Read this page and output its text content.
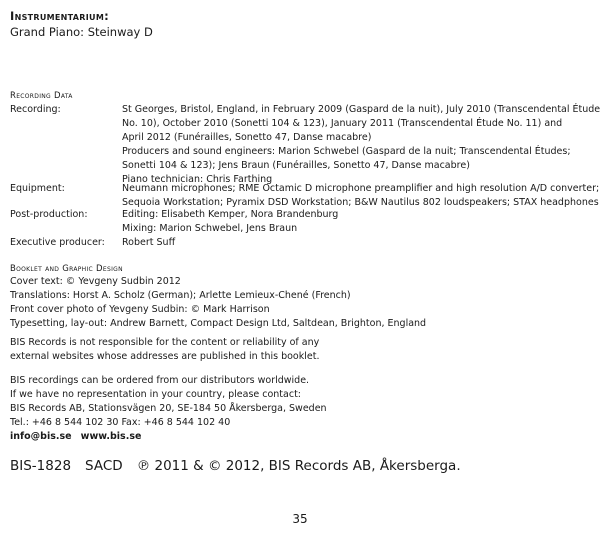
Instrumentarium:
Grand Piano: Steinway D
Recording Data
Recording:	St Georges, Bristol, England, in February 2009 (Gaspard de la nuit), July 2010 (Transcendental Étude
No. 10), October 2010 (Sonetti 104 & 123), January 2011 (Transcendental Étude No. 11) and
April 2012 (Funérailles, Sonetto 47, Danse macabre)
Producers and sound engineers: Marion Schwebel (Gaspard de la nuit; Transcendental Études;
Sonetti 104 & 123); Jens Braun (Funérailles, Sonetto 47, Danse macabre)
Piano technician: Chris Farthing
Equipment:	Neumann microphones; RME Octamic D microphone preamplifier and high resolution A/D converter;
Sequoia Workstation; Pyramix DSD Workstation; B&W Nautilus 802 loudspeakers; STAX headphones
Post-production:	Editing: Elisabeth Kemper, Nora Brandenburg
Mixing: Marion Schwebel, Jens Braun
Executive producer:	Robert Suff
Booklet and Graphic Design
Cover text: © Yevgeny Sudbin 2012
Translations: Horst A. Scholz (German); Arlette Lemieux-Chené (French)
Front cover photo of Yevgeny Sudbin: © Mark Harrison
Typesetting, lay-out: Andrew Barnett, Compact Design Ltd, Saltdean, Brighton, England
BIS Records is not responsible for the content or reliability of any
external websites whose addresses are published in this booklet.
BIS recordings can be ordered from our distributors worldwide.
If we have no representation in your country, please contact:
BIS Records AB, Stationsvägen 20, SE-184 50 Åkersberga, Sweden
Tel.: +46 8 544 102 30 Fax: +46 8 544 102 40
info@bis.se www.bis.se
BIS-1828 SACD ℗ 2011 & © 2012, BIS Records AB, Åkersberga.
35
